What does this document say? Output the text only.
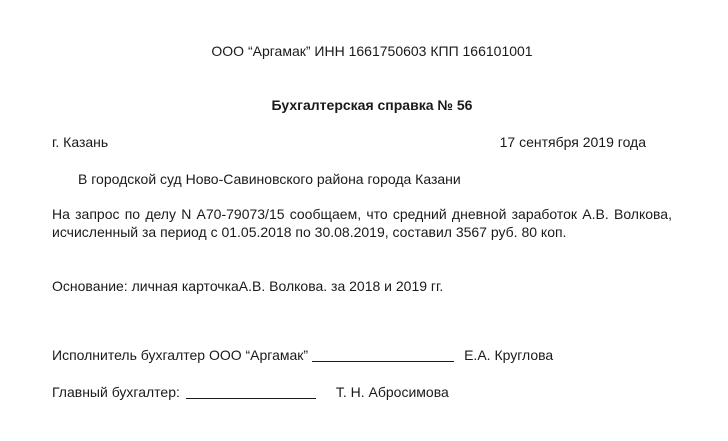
ООО “Аргамак” ИНН 1661750603 КПП 166101001
Бухгалтерская справка № 56
г. Казань	17 сентября 2019 года
В городской суд Ново-Савиновского района города Казани
На запрос по делу N А70-79073/15 сообщаем, что средний дневной заработок А.В. Волкова, исчисленный за период с 01.05.2018 по 30.08.2019, составил 3567 руб. 80 коп.
Основание: личная карточкаА.В. Волкова. за 2018 и 2019 гг.
Исполнитель бухгалтер ООО “Аргамак”	Е.А. Круглова
Главный бухгалтер:	Т. Н. Абросимова
